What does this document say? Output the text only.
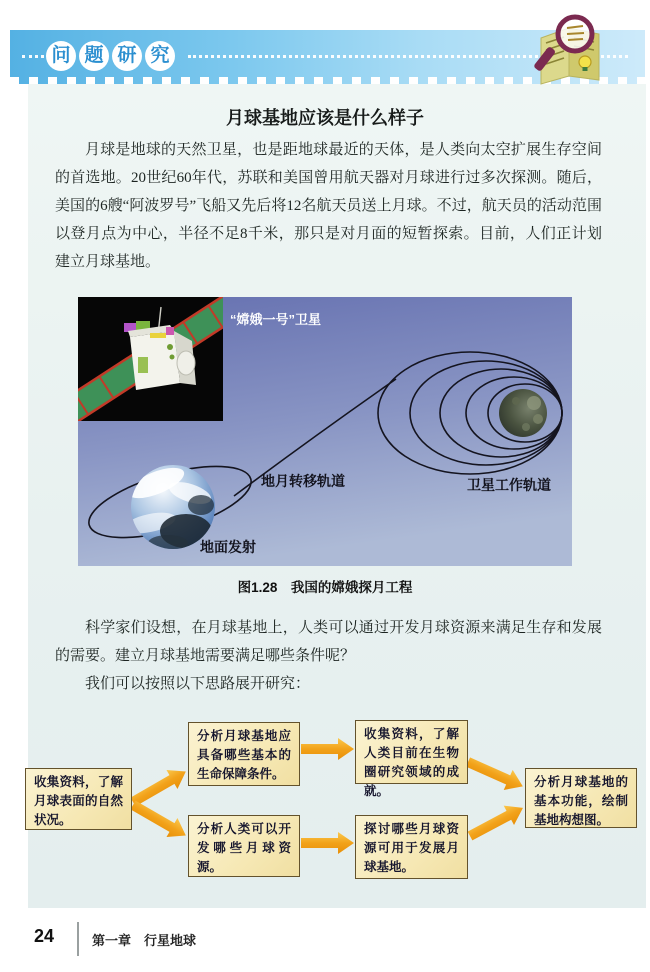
问 题 研 究
月球基地应该是什么样子
月球是地球的天然卫星，也是距地球最近的天体，是人类向太空扩展生存空间的首选地。20世纪60年代，苏联和美国曾用航天器对月球进行过多次探测。随后，美国的6艘“阿波罗号”飞船又先后将12名航天员送上月球。不过，航天员的活动范围以登月点为中心，半径不足8千米，那只是对月面的短暂探索。目前，人们正计划建立月球基地。
“嫦娥一号”卫星
地月转移轨道	卫星工作轨道
地面发射
图1.28　我国的嫦娥探月工程
科学家们设想，在月球基地上，人类可以通过开发月球资源来满足生存和发展的需要。建立月球基地需要满足哪些条件呢？
我们可以按照以下思路展开研究：
收集资料，了解月球表面的自然状况。
分析月球基地应具备哪些基本的生命保障条件。
分析人类可以开发哪些月球资源。
收集资料，了解人类目前在生物圈研究领域的成就。
探讨哪些月球资源可用于发展月球基地。
分析月球基地的基本功能，绘制基地构想图。
24	第一章　行星地球
